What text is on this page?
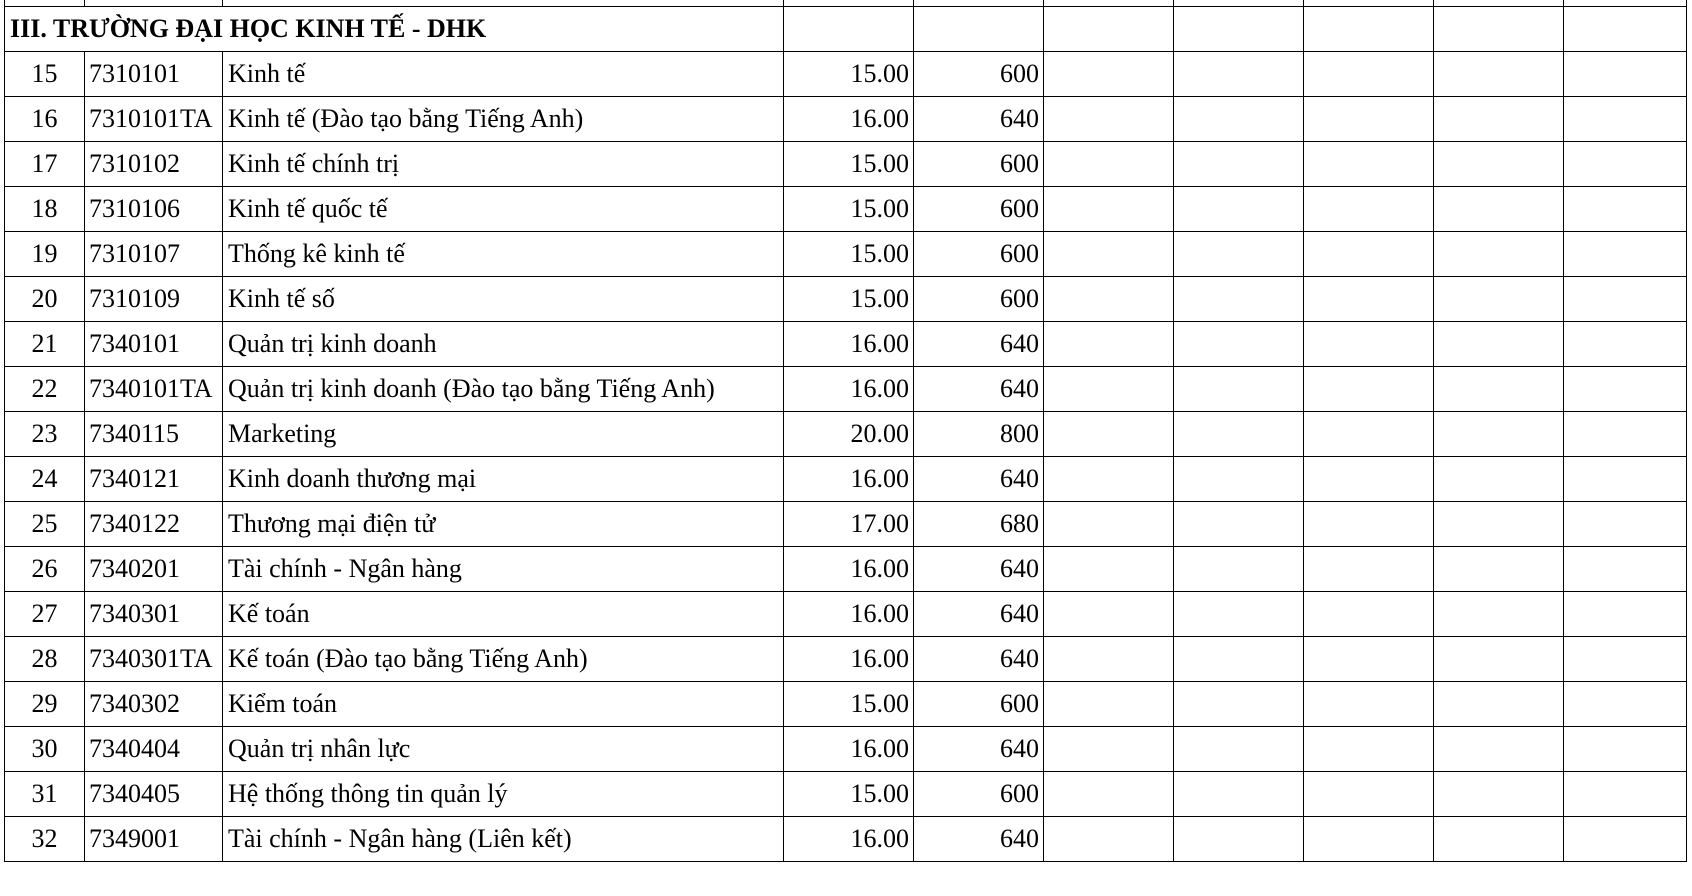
III. TRƯỜNG ĐẠI HỌC KINH TẾ - DHK									
15	7310101	Kinh tế	15.00	600					
16	7310101TA	Kinh tế (Đào tạo bằng Tiếng Anh)	16.00	640					
17	7310102	Kinh tế chính trị	15.00	600					
18	7310106	Kinh tế quốc tế	15.00	600					
19	7310107	Thống kê kinh tế	15.00	600					
20	7310109	Kinh tế số	15.00	600					
21	7340101	Quản trị kinh doanh	16.00	640					
22	7340101TA	Quản trị kinh doanh (Đào tạo bằng Tiếng Anh)	16.00	640					
23	7340115	Marketing	20.00	800					
24	7340121	Kinh doanh thương mại	16.00	640					
25	7340122	Thương mại điện tử	17.00	680					
26	7340201	Tài chính - Ngân hàng	16.00	640					
27	7340301	Kế toán	16.00	640					
28	7340301TA	Kế toán (Đào tạo bằng Tiếng Anh)	16.00	640					
29	7340302	Kiểm toán	15.00	600					
30	7340404	Quản trị nhân lực	16.00	640					
31	7340405	Hệ thống thông tin quản lý	15.00	600					
32	7349001	Tài chính - Ngân hàng (Liên kết)	16.00	640					
